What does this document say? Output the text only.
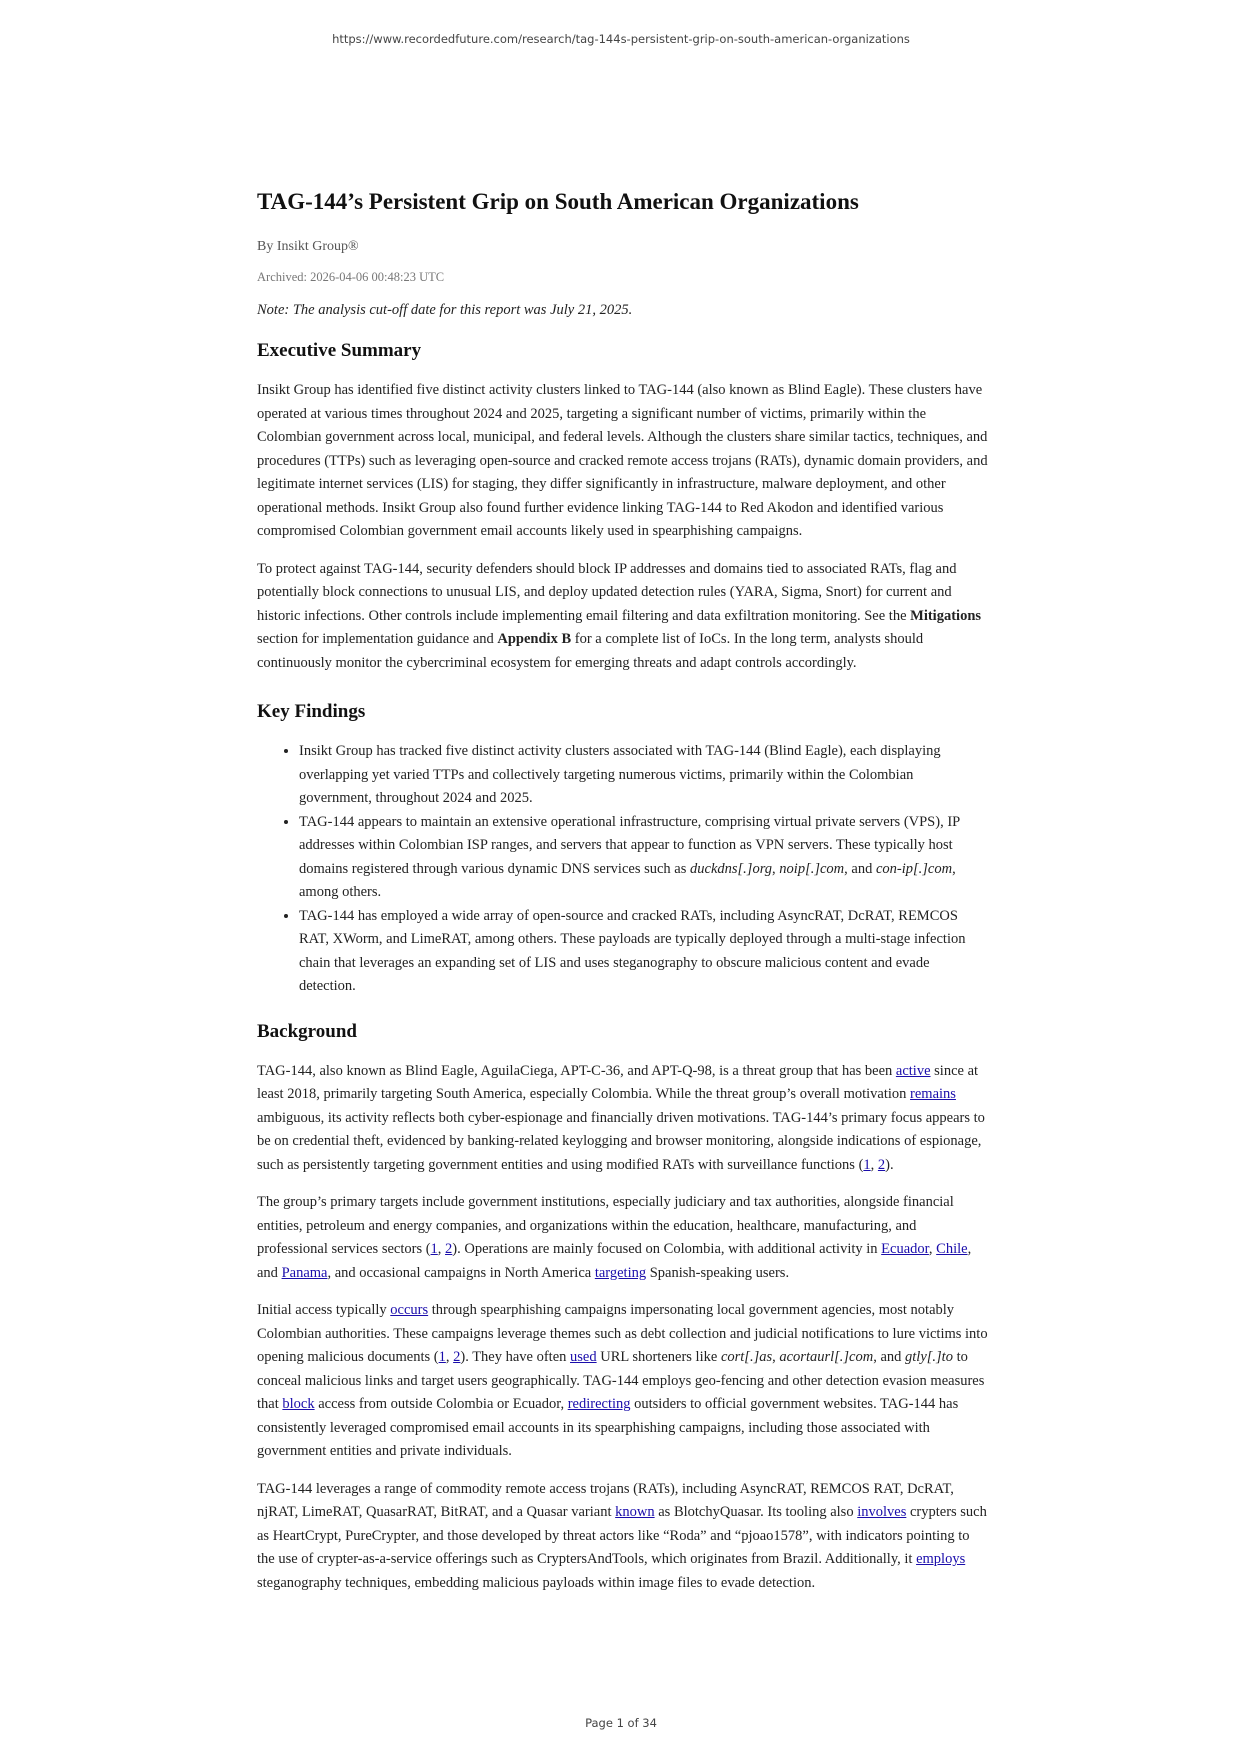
https://www.recordedfuture.com/research/tag-144s-persistent-grip-on-south-american-organizations
TAG-144’s Persistent Grip on South American Organizations
By Insikt Group®
Archived: 2026-04-06 00:48:23 UTC
Note: The analysis cut-off date for this report was July 21, 2025.
Executive Summary

Insikt Group has identified five distinct activity clusters linked to TAG-144 (also known as Blind Eagle). These clusters have operated at various times throughout 2024 and 2025, targeting a significant number of victims, primarily within the Colombian government across local, municipal, and federal levels. Although the clusters share similar tactics, techniques, and procedures (TTPs) such as leveraging open-source and cracked remote access trojans (RATs), dynamic domain providers, and legitimate internet services (LIS) for staging, they differ significantly in infrastructure, malware deployment, and other operational methods. Insikt Group also found further evidence linking TAG-144 to Red Akodon and identified various compromised Colombian government email accounts likely used in spearphishing campaigns.

To protect against TAG-144, security defenders should block IP addresses and domains tied to associated RATs, flag and potentially block connections to unusual LIS, and deploy updated detection rules (YARA, Sigma, Snort) for current and historic infections. Other controls include implementing email filtering and data exfiltration monitoring. See the Mitigations section for implementation guidance and Appendix B for a complete list of IoCs. In the long term, analysts should continuously monitor the cybercriminal ecosystem for emerging threats and adapt controls accordingly.

Key Findings
• Insikt Group has tracked five distinct activity clusters associated with TAG-144 (Blind Eagle), each displaying overlapping yet varied TTPs and collectively targeting numerous victims, primarily within the Colombian government, throughout 2024 and 2025.
• TAG-144 appears to maintain an extensive operational infrastructure, comprising virtual private servers (VPS), IP addresses within Colombian ISP ranges, and servers that appear to function as VPN servers. These typically host domains registered through various dynamic DNS services such as duckdns[.]org, noip[.]com, and con-ip[.]com, among others.
• TAG-144 has employed a wide array of open-source and cracked RATs, including AsyncRAT, DcRAT, REMCOS RAT, XWorm, and LimeRAT, among others. These payloads are typically deployed through a multi-stage infection chain that leverages an expanding set of LIS and uses steganography to obscure malicious content and evade detection.
Background

TAG-144, also known as Blind Eagle, AguilaCiega, APT-C-36, and APT-Q-98, is a threat group that has been active since at least 2018, primarily targeting South America, especially Colombia. While the threat group’s overall motivation remains ambiguous, its activity reflects both cyber-espionage and financially driven motivations. TAG-144’s primary focus appears to be on credential theft, evidenced by banking-related keylogging and browser monitoring, alongside indications of espionage, such as persistently targeting government entities and using modified RATs with surveillance functions (1, 2).

The group’s primary targets include government institutions, especially judiciary and tax authorities, alongside financial entities, petroleum and energy companies, and organizations within the education, healthcare, manufacturing, and professional services sectors (1, 2). Operations are mainly focused on Colombia, with additional activity in Ecuador, Chile, and Panama, and occasional campaigns in North America targeting Spanish-speaking users.

Initial access typically occurs through spearphishing campaigns impersonating local government agencies, most notably Colombian authorities. These campaigns leverage themes such as debt collection and judicial notifications to lure victims into opening malicious documents (1, 2). They have often used URL shorteners like cort[.]as, acortaurl[.]com, and gtly[.]to to conceal malicious links and target users geographically. TAG-144 employs geo-fencing and other detection evasion measures that block access from outside Colombia or Ecuador, redirecting outsiders to official government websites. TAG-144 has consistently leveraged compromised email accounts in its spearphishing campaigns, including those associated with government entities and private individuals.

TAG-144 leverages a range of commodity remote access trojans (RATs), including AsyncRAT, REMCOS RAT, DcRAT, njRAT, LimeRAT, QuasarRAT, BitRAT, and a Quasar variant known as BlotchyQuasar. Its tooling also involves crypters such as HeartCrypt, PureCrypter, and those developed by threat actors like “Roda” and “pjoao1578”, with indicators pointing to the use of crypter-as-a-service offerings such as CryptersAndTools, which originates from Brazil. Additionally, it employs steganography techniques, embedding malicious payloads within image files to evade detection.

Page 1 of 34
